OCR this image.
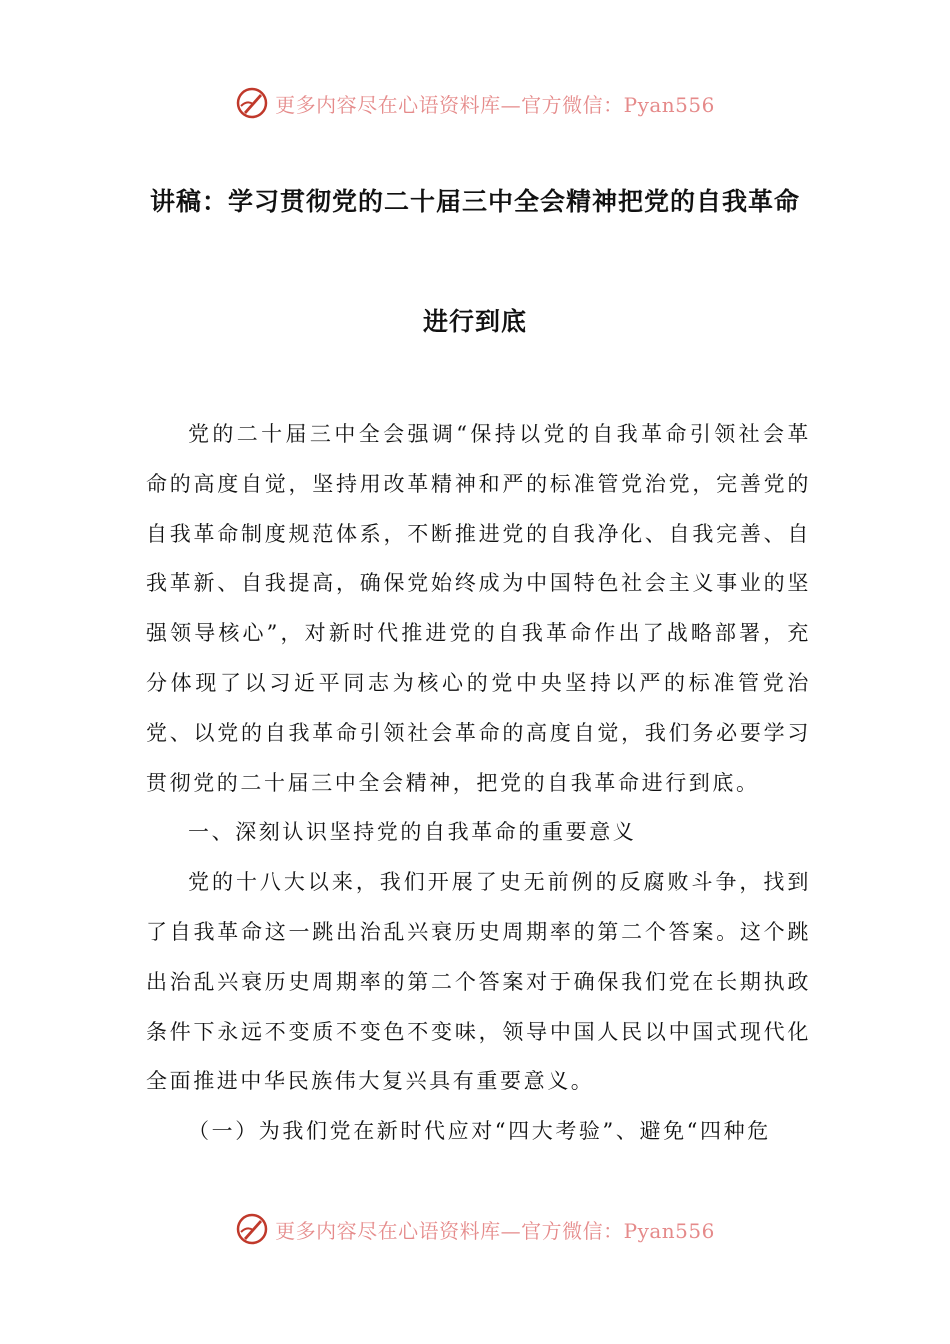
更多内容尽在心语资料库—官方微信：Pyan556
讲稿：学习贯彻党的二十届三中全会精神把党的自我革命
进行到底

党的二十届三中全会强调“保持以党的自我革命引领社会革命的高度自觉，坚持用改革精神和严的标准管党治党，完善党的自我革命制度规范体系，不断推进党的自我净化、自我完善、自我革新、自我提高，确保党始终成为中国特色社会主义事业的坚强领导核心”，对新时代推进党的自我革命作出了战略部署，充分体现了以习近平同志为核心的党中央坚持以严的标准管党治党、以党的自我革命引领社会革命的高度自觉，我们务必要学习贯彻党的二十届三中全会精神，把党的自我革命进行到底。

一、深刻认识坚持党的自我革命的重要意义

党的十八大以来，我们开展了史无前例的反腐败斗争，找到了自我革命这一跳出治乱兴衰历史周期率的第二个答案。这个跳出治乱兴衰历史周期率的第二个答案对于确保我们党在长期执政条件下永远不变质不变色不变味，领导中国人民以中国式现代化全面推进中华民族伟大复兴具有重要意义。

（一）为我们党在新时代应对“四大考验”、避免“四种危

更多内容尽在心语资料库—官方微信：Pyan556
